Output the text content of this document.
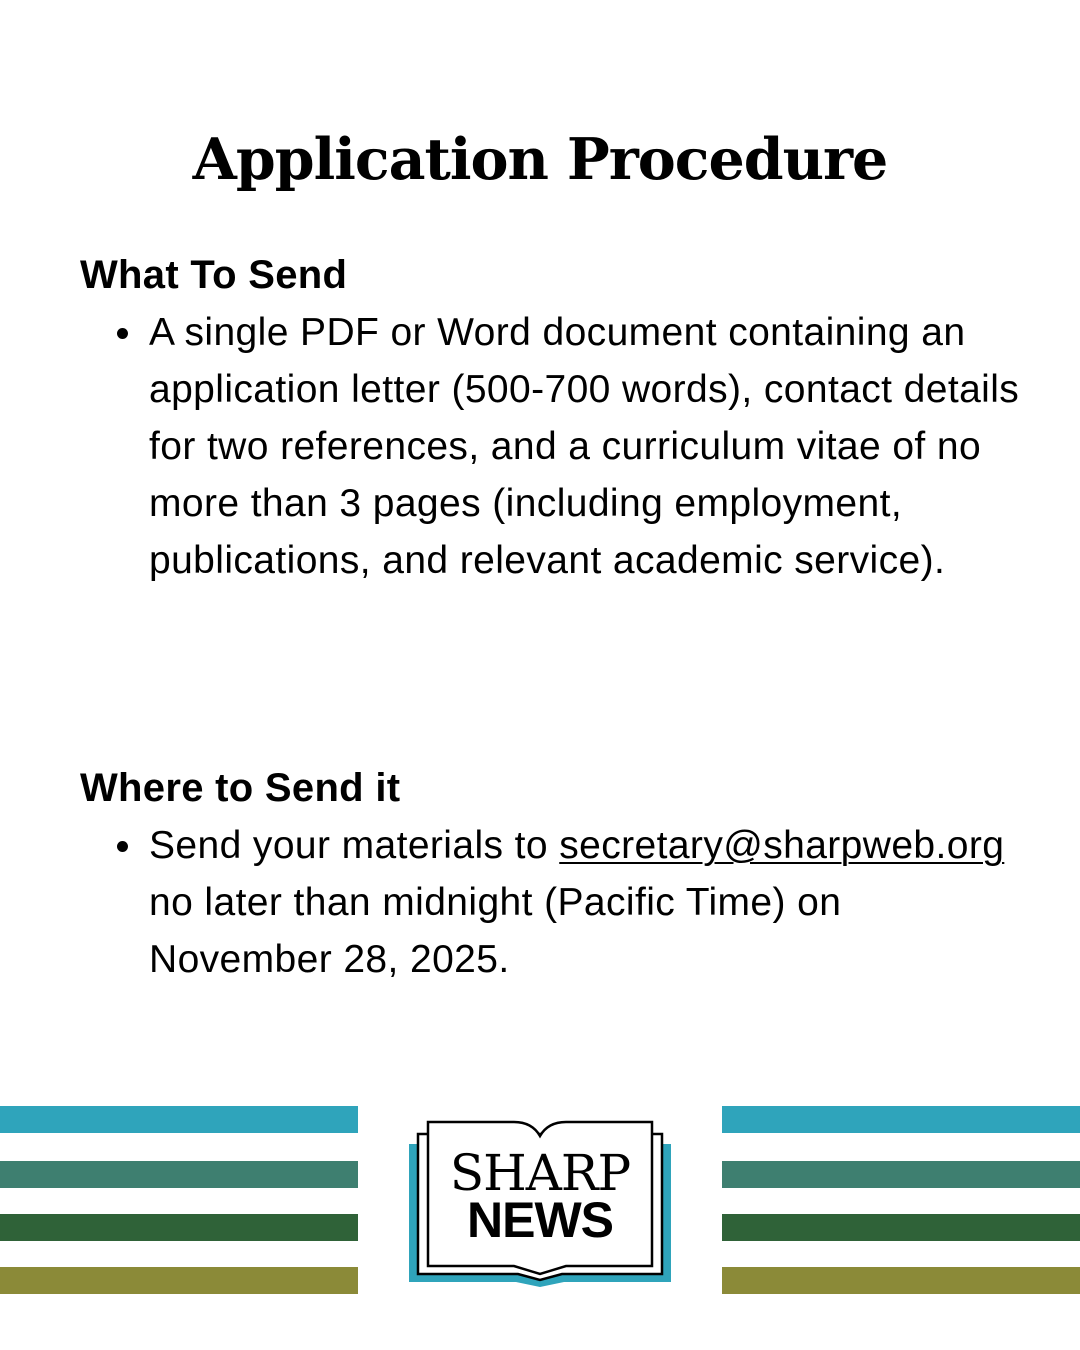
Application Procedure
What To Send
A single PDF or Word document containing an application letter (500-700 words), contact details for two references, and a curriculum vitae of no more than 3 pages (including employment, publications, and relevant academic service).
Where to Send it
Send your materials to secretary@sharpweb.org no later than midnight (Pacific Time) on November 28, 2025.
SHARP
NEWS
